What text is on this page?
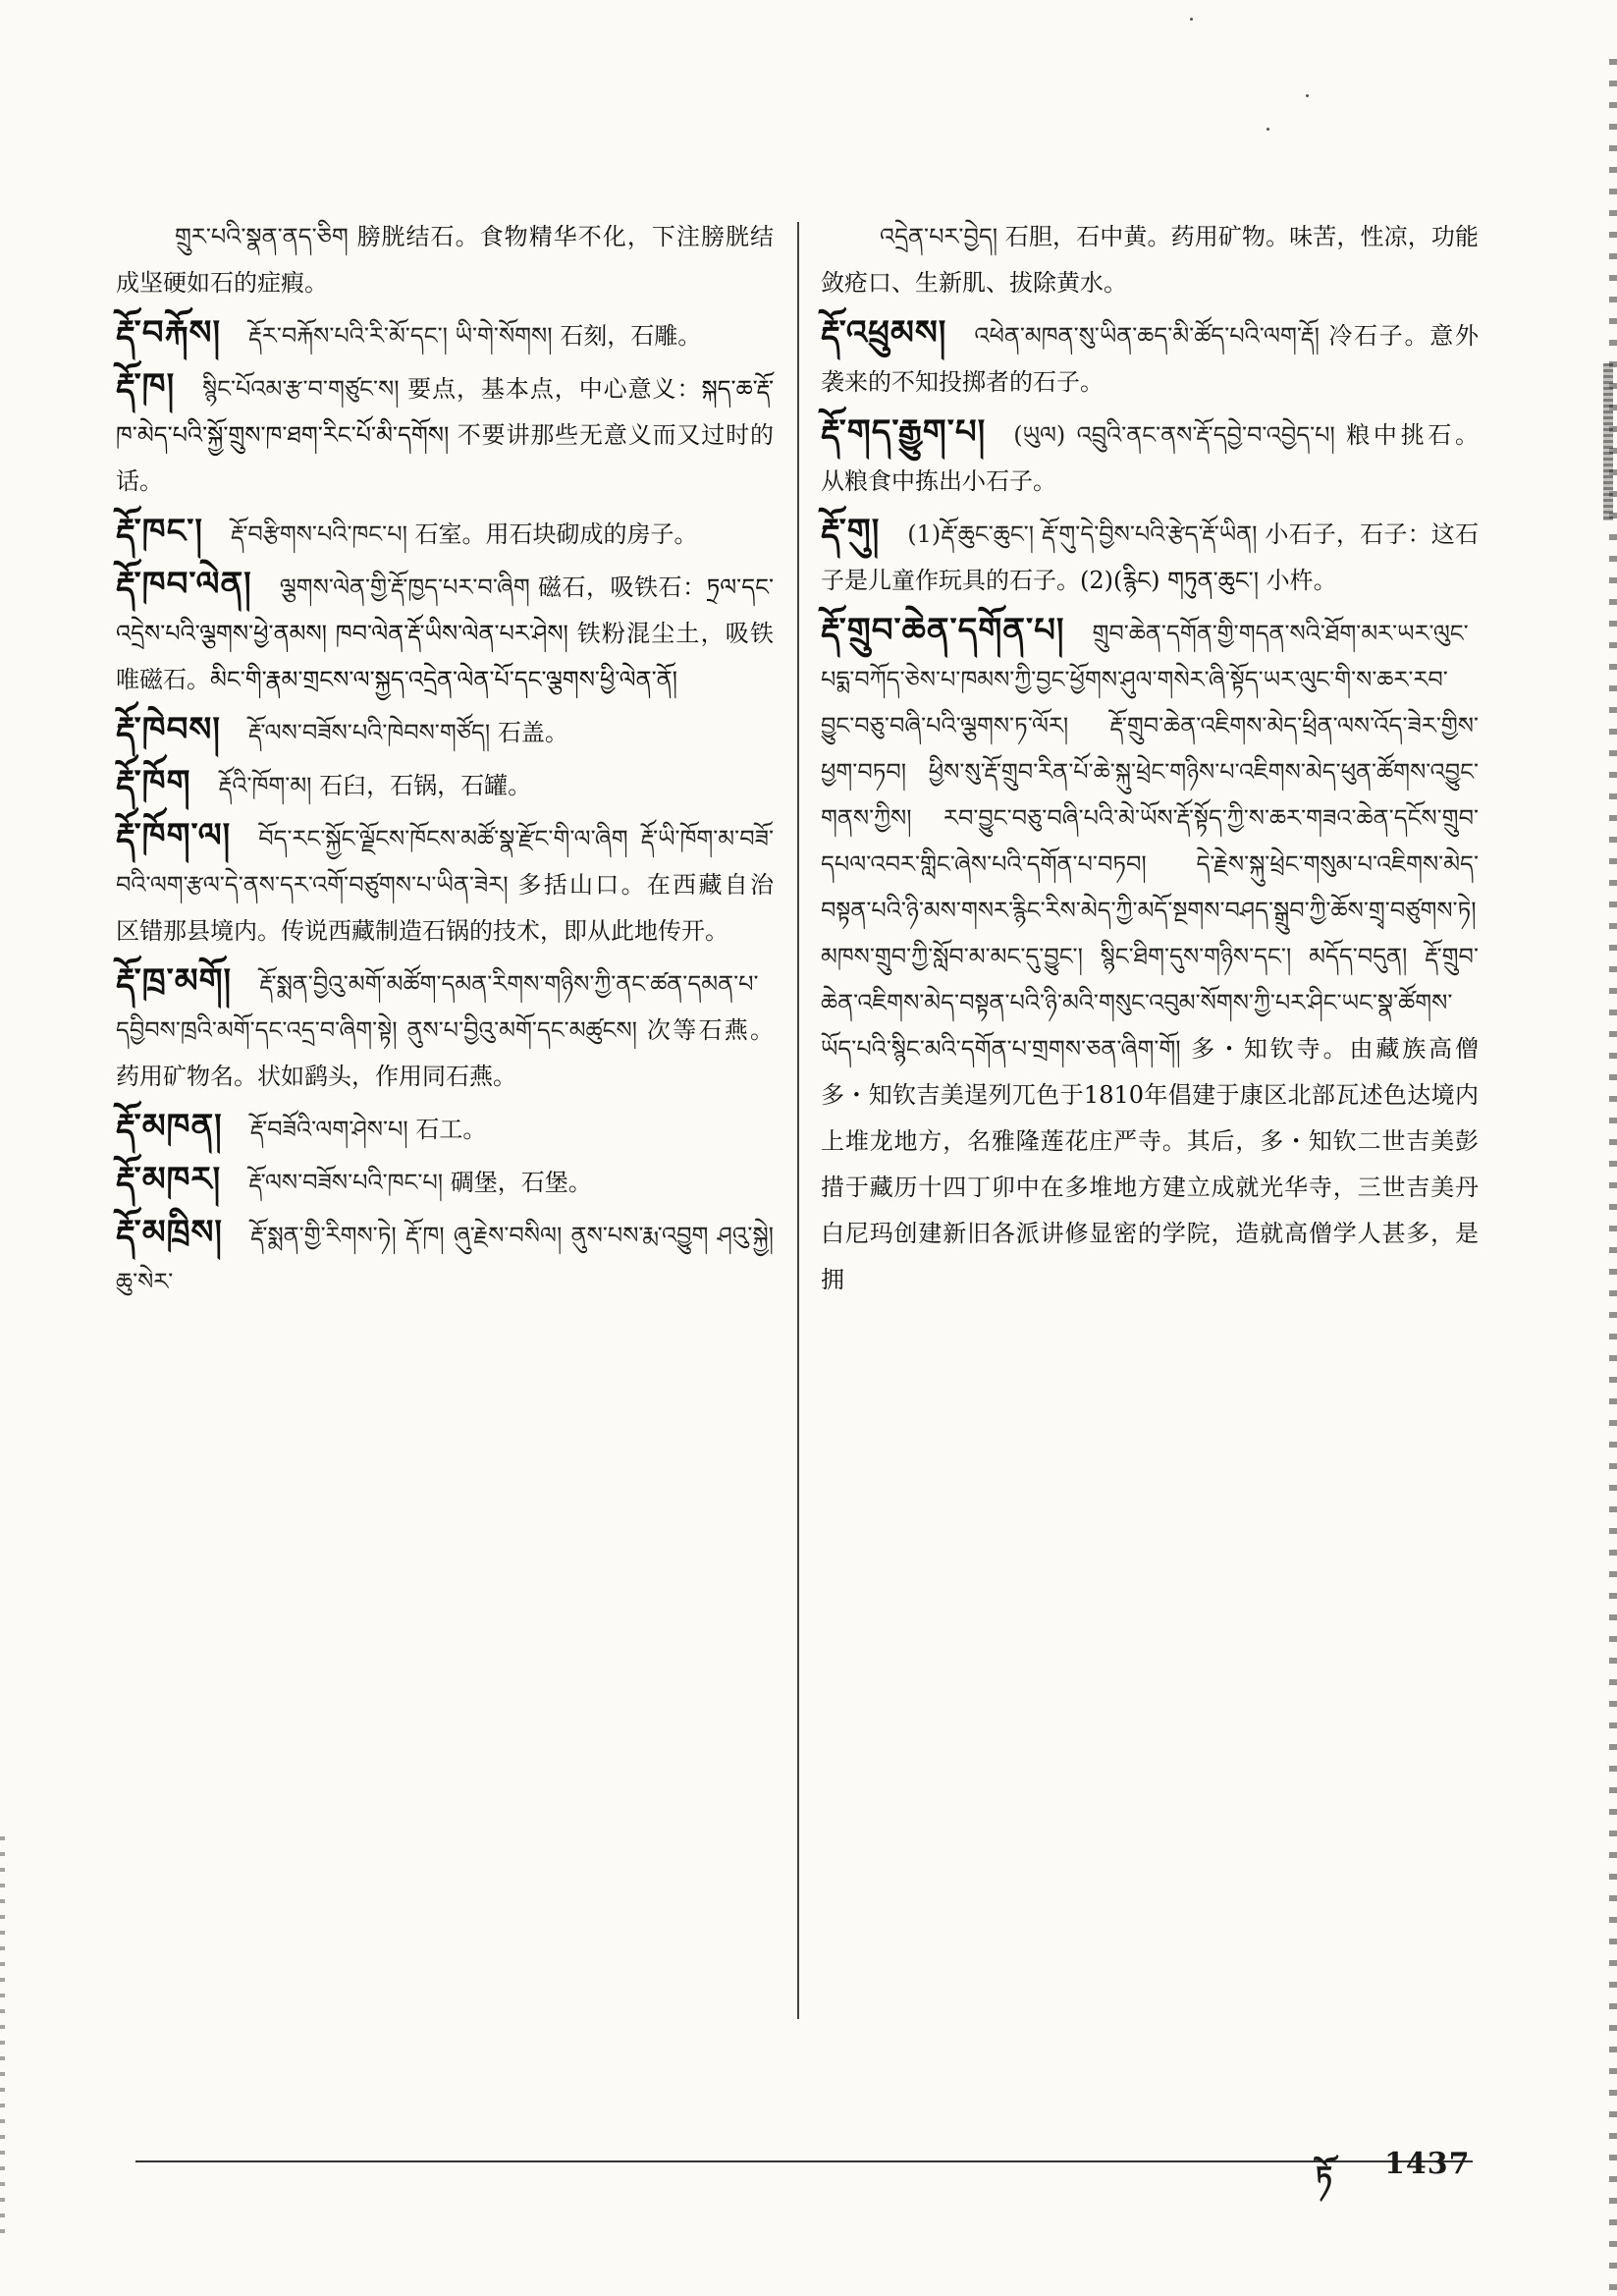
གྲུར་པའི་སྣན་ནད་ཅིག 膀胱结石。食物精华不化，下注膀胱结成坚硬如石的症瘕。
རྡོ་བརྐོས། རྡོར་བརྐོས་པའི་རི་མོ་དང་། ཡི་གེ་སོགས། 石刻，石雕。
རྡོ་ཁ། སྙིང་པོའམ་རྩ་བ་གཙུང་ས། 要点，基本点，中心意义：སྐད་ཆ་རྡོ་ཁ་མེད་པའི་སྐྱོ་གྲུས་ཁ་ཐག་རིང་པོ་མི་དགོས། 不要讲那些无意义而又过时的话。
རྡོ་ཁང་། རྡོ་བརྩིགས་པའི་ཁང་པ། 石室。用石块砌成的房子。
རྡོ་ཁབ་ལེན། ལྕགས་ལེན་གྱི་རྡོ་ཁྱད་པར་བ་ཞིག 磁石，吸铁石：ཏྲལ་དང་འདྲེས་པའི་ལྕགས་ཕྱེ་ནམས། ཁབ་ལེན་རྡོ་ཡིས་ལེན་པར་ཤེས། 铁粉混尘土，吸铁唯磁石。མིང་གི་རྣམ་གྲངས་ལ་སྐྱད་འདྲེན་ལེན་པོ་དང་ལྕགས་ཕྱི་ལེན་ནོ།
རྡོ་ཁེབས། རྡོ་ལས་བཟོས་པའི་ཁེབས་གཙོད། 石盖。
རྡོ་ཁོག རྡོའི་ཁོག་མ། 石臼，石锅，石罐。
རྡོ་ཁོག་ལ། བོད་རང་སྐྱོང་ལྗོངས་ཁོངས་མཚོ་སྣ་རྫོང་གི་ལ་ཞིག རྡོ་ཡི་ཁོག་མ་བཟོ་བའི་ལག་རྩལ་དེ་ནས་དར་འགོ་བཙུགས་པ་ཡིན་ཟེར། 多括山口。在西藏自治区错那县境内。传说西藏制造石锅的技术，即从此地传开。
རྡོ་ཁྲ་མགོ། རྡོ་སྨན་བྱིའུ་མགོ་མཚོག་དམན་རིགས་གཉིས་ཀྱི་ནང་ཚན་དམན་པ་དབྱིབས་ཁྲའི་མགོ་དང་འདྲ་བ་ཞིག་སྟེ། ནུས་པ་བྱིའུ་མགོ་དང་མཚུངས། 次等石燕。药用矿物名。状如鹞头，作用同石燕。
རྡོ་མཁན། རྡོ་བཟོའི་ལག་ཤེས་པ། 石工。
རྡོ་མཁར། རྡོ་ལས་བཟོས་པའི་ཁང་པ། 碉堡，石堡。
རྡོ་མཁྲིས། རྡོ་སྨན་གྱི་རིགས་ཏེ། རྡོ་ཁ། ཞུ་རྗེས་བསིལ། ནུས་པས་རྨ་འབྱུག ཤའུ་སྐྱེ། ཆུ་སེར་
འདྲེན་པར་བྱེད། 石胆，石中黄。药用矿物。味苦，性凉，功能敛疮口、生新肌、拔除黄水。
རྡོ་འཕྲུམས། འཕེན་མཁན་སུ་ཡིན་ཆད་མི་ཚོད་པའི་ལག་རྡོ། 冷石子。意外袭来的不知投掷者的石子。
རྡོ་གད་རྒྱུག་པ། (ཡུལ) འབྲུའི་ནང་ནས་རྡོ་དབྱེ་བ་འབྱེད་པ། 粮中挑石。从粮食中拣出小石子。
རྡོ་གུ། (1)རྡོ་ཆུང་ཆུང་། རྡོ་གུ་དེ་བྱིས་པའི་རྩེད་རྡོ་ཡིན། 小石子，石子：这石子是儿童作玩具的石子。(2)(རྙིང) གཏུན་ཆུང་། 小杵。
རྡོ་གྲུབ་ཆེན་དགོན་པ། གྲུབ་ཆེན་དགོན་གྱི་གདན་སའི་ཐོག་མར་ཡར་ལུང་པདྨ་བཀོད་ཅེས་པ་ཁམས་ཀྱི་བྱང་ཕྱོགས་ཤུལ་གསེར་ཞི་སྟོད་ཡར་ལུང་གི་ས་ཆར་རབ་བྱུང་བཅུ་བཞི་པའི་ལྕགས་ཏ་ལོར། རྡོ་གྲུབ་ཆེན་འཇིགས་མེད་ཕྲིན་ལས་འོད་ཟེར་གྱིས་ཕྱག་བཏབ། ཕྱིས་སུ་རྡོ་གྲུབ་རིན་པོ་ཆེ་སྐུ་ཕྲེང་གཉིས་པ་འཇིགས་མེད་ཕུན་ཚོགས་འབྱུང་གནས་ཀྱིས། རབ་བྱུང་བཅུ་བཞི་པའི་མེ་ཡོས་རྡོ་སྟོད་ཀྱི་ས་ཆར་གཟའ་ཆེན་དངོས་གྲུབ་དཔལ་འབར་གླིང་ཞེས་པའི་དགོན་པ་བཏབ། དེ་རྗེས་སྐུ་ཕྲེང་གསུམ་པ་འཇིགས་མེད་བསྟན་པའི་ཉི་མས་གསར་རྙིང་རིས་མེད་ཀྱི་མདོ་སྔགས་བཤད་སྒྲུབ་ཀྱི་ཆོས་གྲྭ་བཙུགས་ཏེ། མཁས་གྲུབ་ཀྱི་སློབ་མ་མང་དུ་བྱུང་། སྙིང་ཐིག་དུས་གཉིས་དང་། མདོད་བདུན། རྡོ་གྲུབ་ཆེན་འཇིགས་མེད་བསྟན་པའི་ཉི་མའི་གསུང་འབུམ་སོགས་ཀྱི་པར་ཤིང་ཡང་སྣ་ཚོགས་ཡོད་པའི་སྙིང་མའི་དགོན་པ་གྲགས་ཅན་ཞིག་གོ། 多・知钦寺。由藏族高僧多・知钦吉美逞列兀色于1810年倡建于康区北部瓦述色达境内上堆龙地方，名雅隆莲花庄严寺。其后，多・知钦二世吉美彭措于藏历十四丁卯中在多堆地方建立成就光华寺，三世吉美丹白尼玛创建新旧各派讲修显密的学院，造就高僧学人甚多，是拥
ཏོ 1437
